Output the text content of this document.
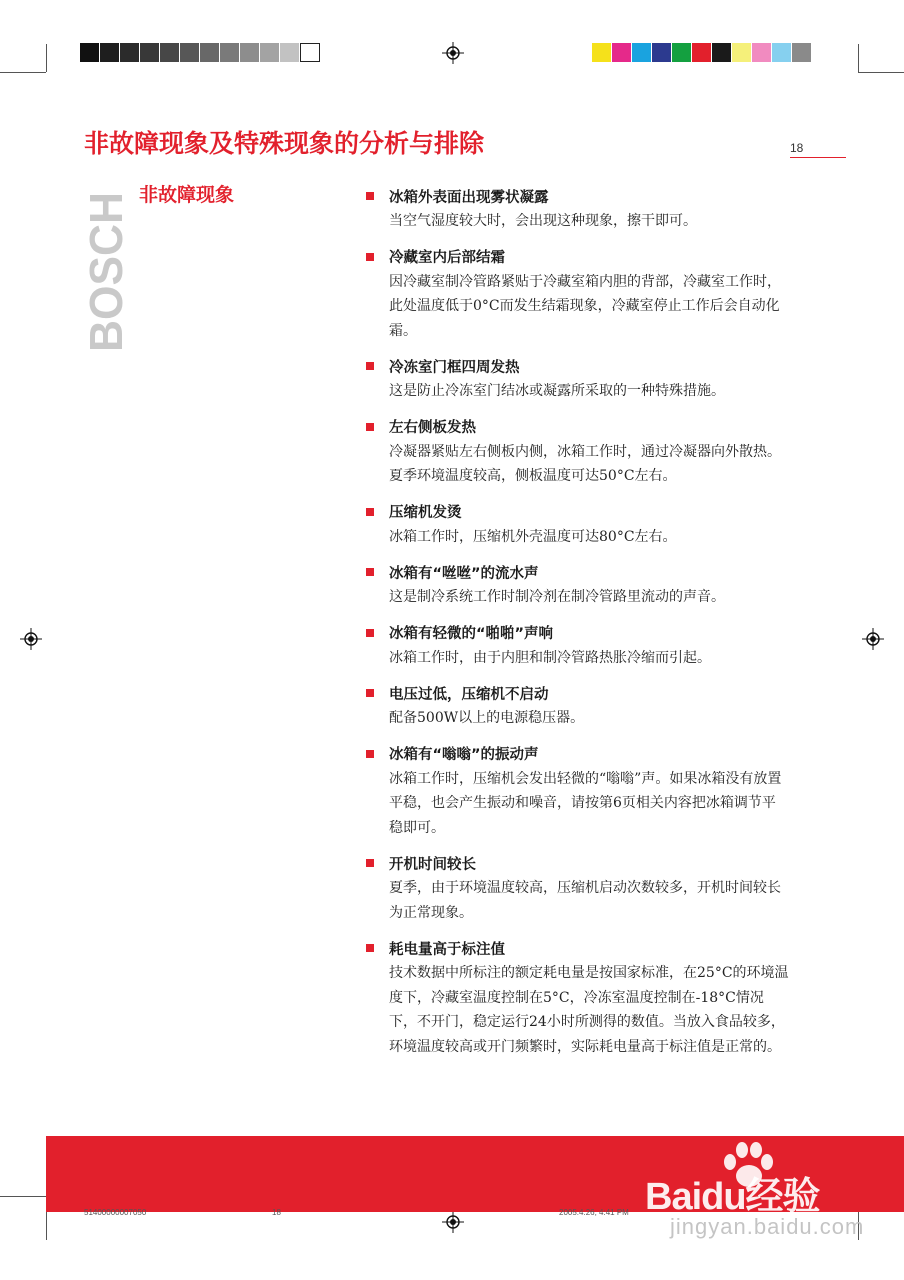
非故障现象及特殊现象的分析与排除	18
BOSCH 非故障现象	冰箱外表面出现雾状凝露
当空气湿度较大时，会出现这种现象，擦干即可。
冷藏室内后部结霜
因冷藏室制冷管路紧贴于冷藏室箱内胆的背部，冷藏室工作时，此处温度低于0°C而发生结霜现象，冷藏室停止工作后会自动化霜。
冷冻室门框四周发热
这是防止冷冻室门结冰或凝露所采取的一种特殊措施。
左右侧板发热
冷凝器紧贴左右侧板内侧，冰箱工作时，通过冷凝器向外散热。夏季环境温度较高，侧板温度可达50°C左右。
压缩机发烫
冰箱工作时，压缩机外壳温度可达80°C左右。
冰箱有“咝咝”的流水声
这是制冷系统工作时制冷剂在制冷管路里流动的声音。
冰箱有轻微的“啪啪”声响
冰箱工作时，由于内胆和制冷管路热胀冷缩而引起。
电压过低，压缩机不启动
配备500W以上的电源稳压器。
冰箱有“嗡嗡”的振动声
冰箱工作时，压缩机会发出轻微的“嗡嗡”声。如果冰箱没有放置平稳，也会产生振动和噪音，请按第6页相关内容把冰箱调节平稳即可。
开机时间较长
夏季，由于环境温度较高，压缩机启动次数较多，开机时间较长为正常现象。
耗电量高于标注值
技术数据中所标注的额定耗电量是按国家标准，在25°C的环境温度下，冷藏室温度控制在5°C，冷冻室温度控制在-18°C情况下，不开门，稳定运行24小时所测得的数值。当放入食品较多，环境温度较高或开门频繁时，实际耗电量高于标注值是正常的。
51400000007050	18	2005.4.26, 4:41 PM Baidu经验
jingyan.baidu.com
